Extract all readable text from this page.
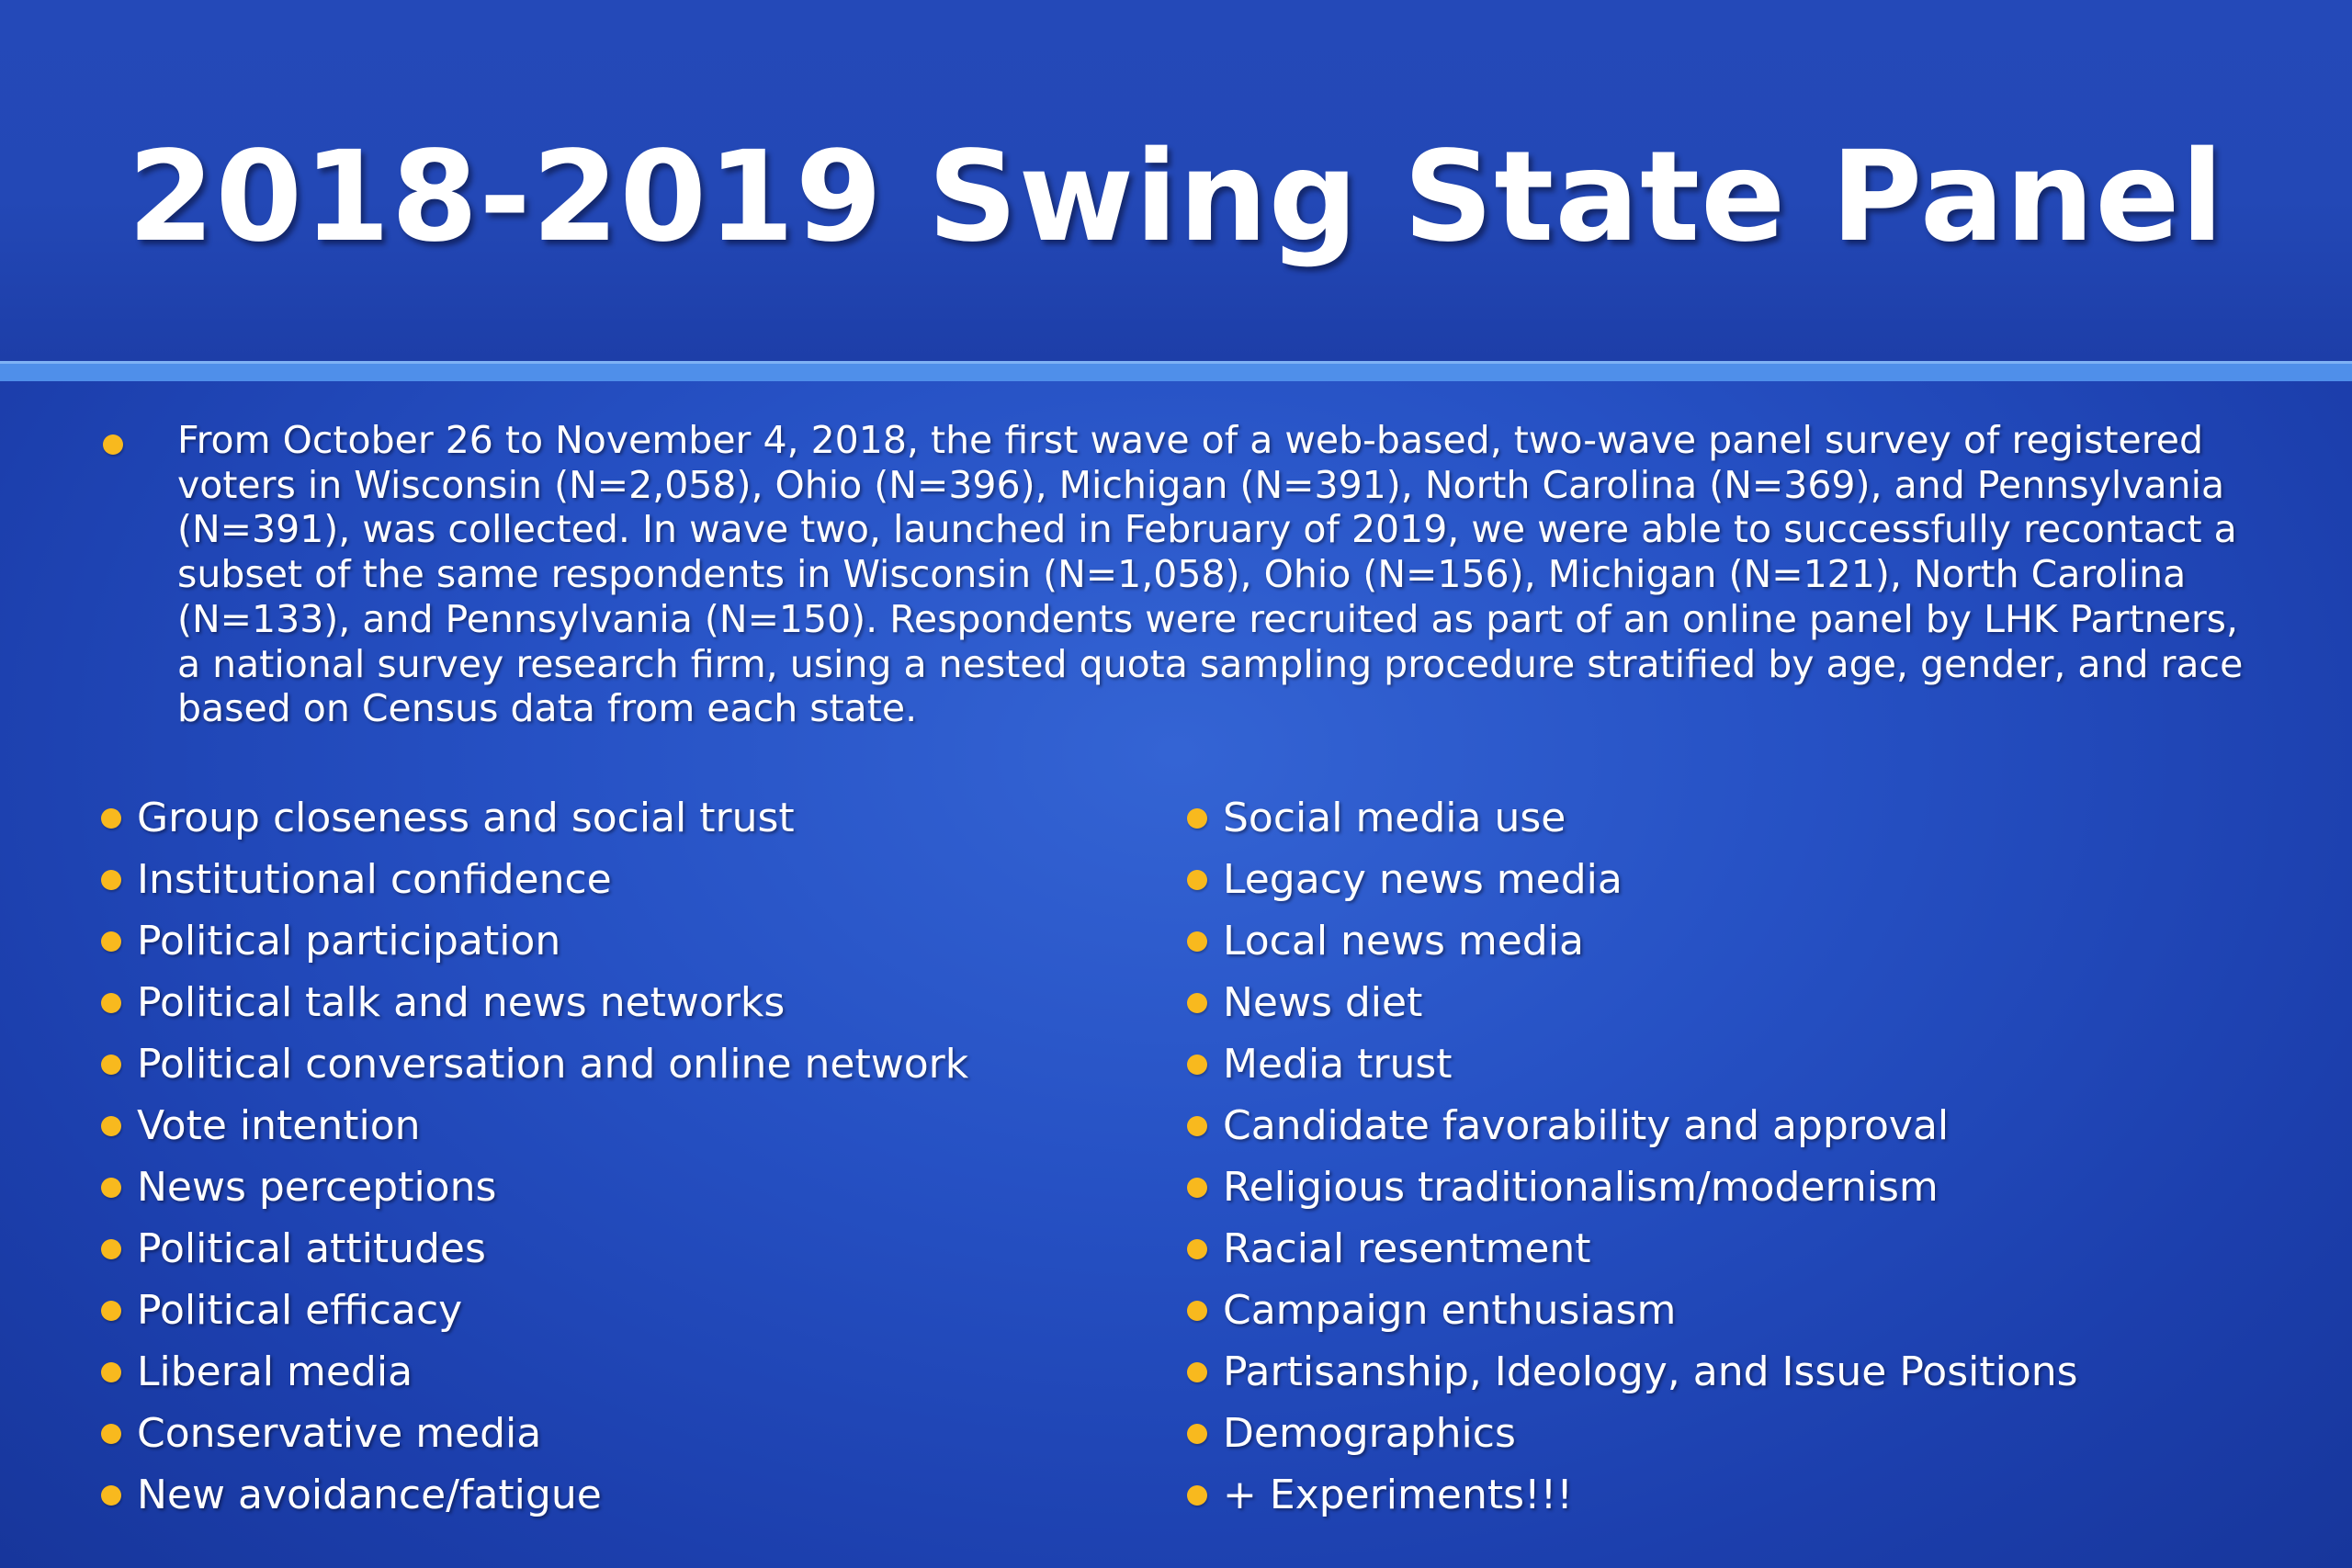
2018-2019 Swing State Panel
From October 26 to November 4, 2018, the first wave of a web-based, two-wave panel survey of registered voters in Wisconsin (N=2,058), Ohio (N=396), Michigan (N=391), North Carolina (N=369), and Pennsylvania (N=391), was collected. In wave two, launched in February of 2019, we were able to successfully recontact a subset of the same respondents in Wisconsin (N=1,058), Ohio (N=156), Michigan (N=121), North Carolina (N=133), and Pennsylvania (N=150). Respondents were recruited as part of an online panel by LHK Partners, a national survey research firm, using a nested quota sampling procedure stratified by age, gender, and race based on Census data from each state.
Group closeness and social trust
Institutional confidence
Political participation
Political talk and news networks
Political conversation and online network
Vote intention
News perceptions
Political attitudes
Political efficacy
Liberal media
Conservative media
New avoidance/fatigue
Social media use
Legacy news media
Local news media
News diet
Media trust
Candidate favorability and approval
Religious traditionalism/modernism
Racial resentment
Campaign enthusiasm
Partisanship, Ideology, and Issue Positions
Demographics
+ Experiments!!!
